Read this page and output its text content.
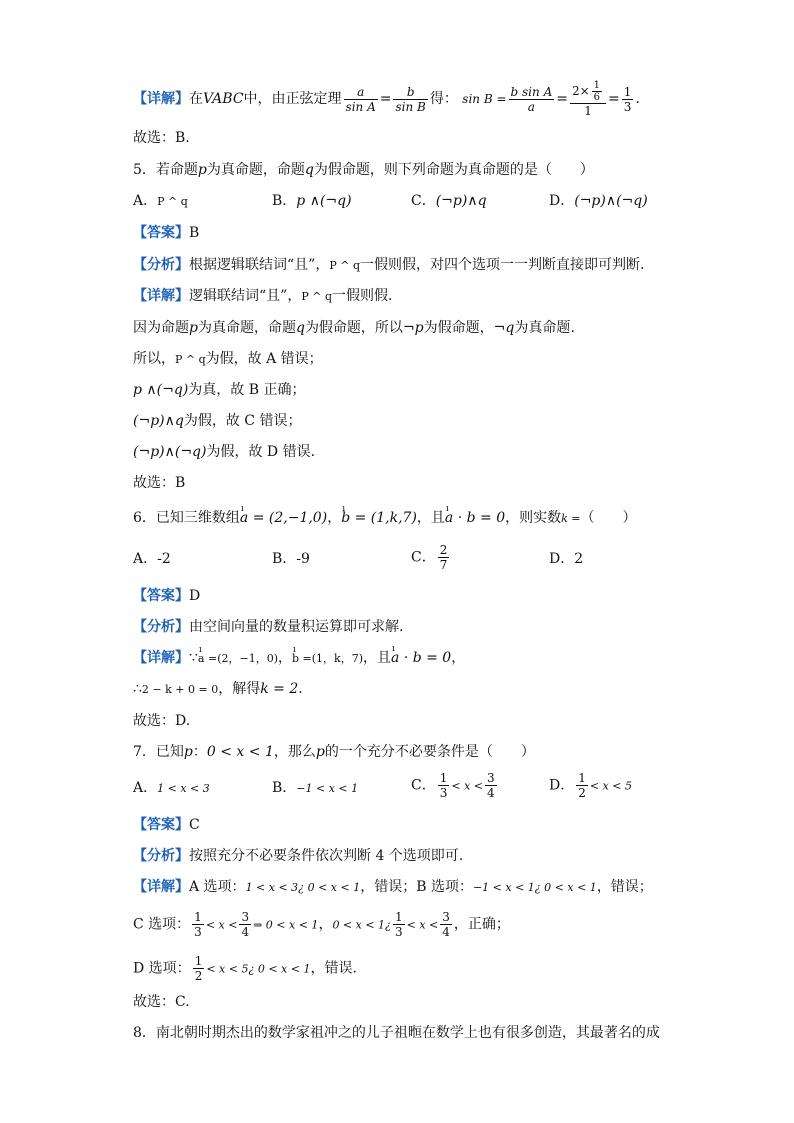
【详解】在VABC中，由正弦定理 $\frac{a}{\text{sin A}} = \frac{b}{\text{sin B}}$ 得： $\sin B = \frac{\text{b sin A}}{a} = \frac{2\times \frac{1}{6}}{1} = \frac{1}{3}$ .
故选：B.
5．若命题p为真命题，命题q为假命题，则下列命题为真命题的是（　　）
A．P ^ q	B．p ∧(¬q)	C．(¬p)∧q	D．(¬p)∧(¬q)
【答案】B
【分析】根据逻辑联结词“且”，P ^ q一假则假，对四个选项一一判断直接即可判断.
【详解】逻辑联结词“且”，P ^ q一假则假.
因为命题p为真命题，命题q为假命题，所以¬p为假命题，¬q为真命题.
所以，P ^ q为假，故 A 错误；
p ∧(¬q)为真，故 B 正确；
(¬p)∧q为假，故 C 错误；
(¬p)∧(¬q)为假，故 D 错误.
故选：B
6．已知三维数组ı a = (2,−1,0)，ı b = (1,k,7)，且ı a · b = 0，则实数k =（　　）
A．-2	B．-9	C． $\frac{2}{7}$	D．2
【答案】D
【分析】由空间向量的数量积运算即可求解.
【详解】∵ı a =(2，−1，0)，ı b =(1，k，7)，且ı a · b = 0，
∴2 − k + 0 = 0，解得k = 2.
故选：D.
7．已知p：0 < x < 1，那么p的一个充分不必要条件是（　　）
A．1 < x < 3	B．−1 < x < 1	C． $\frac{1}{3} < x < \frac{3}{4}$	D． $\frac{1}{2} < x < 5$
【答案】C
【分析】按照充分不必要条件依次判断 4 个选项即可.
【详解】A 选项：1 < x < 3¿ 0 < x < 1，错误；B 选项：−1 < x < 1¿ 0 < x < 1，错误；
C 选项： $\frac{1}{3} < x < \frac{3}{4}$ ⇒ 0 < x < 1，0 < x < 1¿ $\frac{1}{3} < x < \frac{3}{4}$ ，正确；
D 选项： $\frac{1}{2} < x$ < 5¿ 0 < x < 1，错误.
故选：C.
8．南北朝时期杰出的数学家祖冲之的儿子祖暅在数学上也有很多创造，其最著名的成
